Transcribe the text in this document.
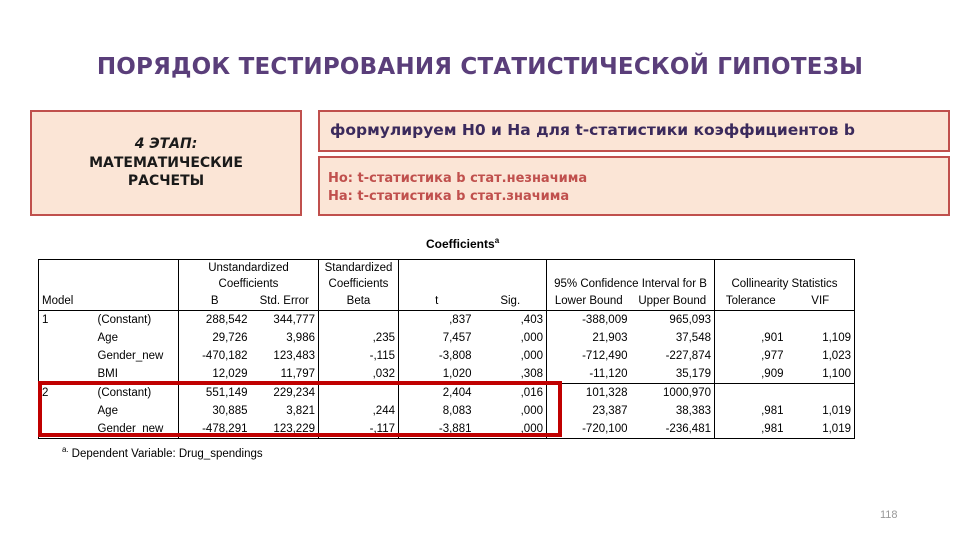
ПОРЯДОК ТЕСТИРОВАНИЯ СТАТИСТИЧЕСКОЙ ГИПОТЕЗЫ
4 ЭТАП:
МАТЕМАТИЧЕСКИЕ
РАСЧЕТЫ
формулируем Н0 и На для t-статистики коэффициентов b
Ho: t-статистика b стат.незначима
Ha: t-статистика b стат.значима
Coefficients$^a$
		Unstandardized		Standardized						
		Coefficients		Coefficients			95% Confidence Interval for B		Collinearity Statistics	
Model		B	Std. Error	Beta	t	Sig.	Lower Bound	Upper Bound	Tolerance	VIF
1	(Constant)	288,542	344,777		,837	,403	-388,009	965,093		
	Age	29,726	3,986	,235	7,457	,000	21,903	37,548	,901	1,109
	Gender_new	-470,182	123,483	-,115	-3,808	,000	-712,490	-227,874	,977	1,023
	BMI	12,029	11,797	,032	1,020	,308	-11,120	35,179	,909	1,100
2	(Constant)	551,149	229,234		2,404	,016	101,328	1000,970		
	Age	30,885	3,821	,244	8,083	,000	23,387	38,383	,981	1,019
	Gender_new	-478,291	123,229	-,117	-3,881	,000	-720,100	-236,481	,981	1,019
$^{a.}$ Dependent Variable: Drug_spendings
118
